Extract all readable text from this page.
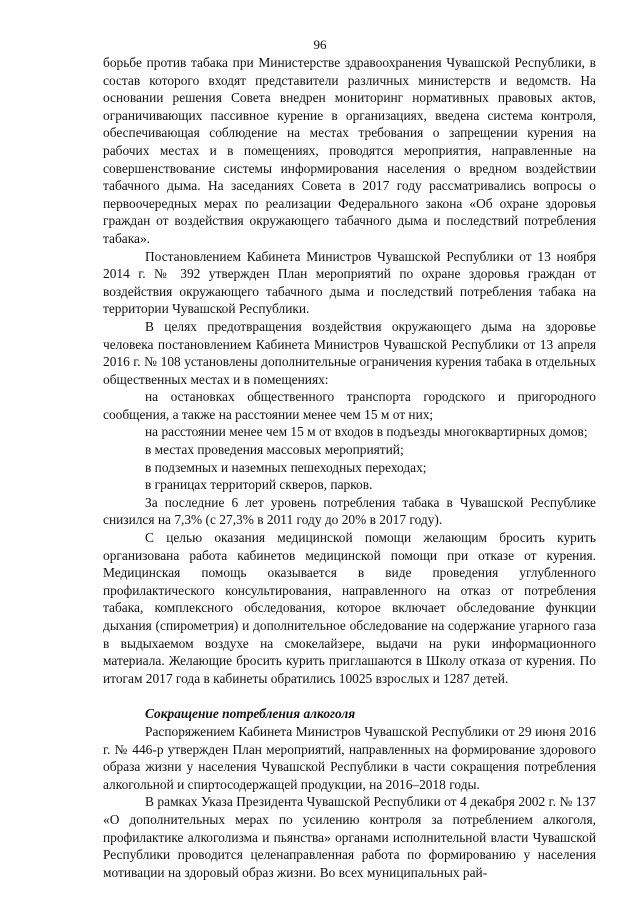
96

борьбе против табака при Министерстве здравоохранения Чувашской Республики, в состав которого входят представители различных министерств и ведомств. На основании решения Совета внедрен мониторинг нормативных правовых актов, ограничивающих пассивное курение в организациях, введена система контроля, обеспечивающая соблюдение на местах требования о запрещении курения на рабочих местах и в помещениях, проводятся мероприятия, направленные на совершенствование системы информирования населения о вредном воздействии табачного дыма. На заседаниях Совета в 2017 году рассматривались вопросы о первоочередных мерах по реализации Федерального закона «Об охране здоровья граждан от воздействия окружающего табачного дыма и последствий потребления табака».

Постановлением Кабинета Министров Чувашской Республики от 13 ноября 2014 г. № 392 утвержден План мероприятий по охране здоровья граждан от воздействия окружающего табачного дыма и последствий потребления табака на территории Чувашской Республики.

В целях предотвращения воздействия окружающего дыма на здоровье человека постановлением Кабинета Министров Чувашской Республики от 13 апреля 2016 г. № 108 установлены дополнительные ограничения курения табака в отдельных общественных местах и в помещениях:

на остановках общественного транспорта городского и пригородного сообщения, а также на расстоянии менее чем 15 м от них;

на расстоянии менее чем 15 м от входов в подъезды многоквартирных домов;

в местах проведения массовых мероприятий;

в подземных и наземных пешеходных переходах;

в границах территорий скверов, парков.

За последние 6 лет уровень потребления табака в Чувашской Республике снизился на 7,3% (с 27,3% в 2011 году до 20% в 2017 году).

С целью оказания медицинской помощи желающим бросить курить организована работа кабинетов медицинской помощи при отказе от курения. Медицинская помощь оказывается в виде проведения углубленного профилактического консультирования, направленного на отказ от потребления табака, комплексного обследования, которое включает обследование функции дыхания (спирометрия) и дополнительное обследование на содержание угарного газа в выдыхаемом воздухе на смокелайзере, выдачи на руки информационного материала. Желающие бросить курить приглашаются в Школу отказа от курения. По итогам 2017 года в кабинеты обратились 10025 взрослых и 1287 детей.

Сокращение потребления алкоголя

Распоряжением Кабинета Министров Чувашской Республики от 29 июня 2016 г. № 446-р утвержден План мероприятий, направленных на формирование здорового образа жизни у населения Чувашской Республики в части сокращения потребления алкогольной и спиртосодержащей продукции, на 2016–2018 годы.

В рамках Указа Президента Чувашской Республики от 4 декабря 2002 г. № 137 «О дополнительных мерах по усилению контроля за потреблением алкоголя, профилактике алкоголизма и пьянства» органами исполнительной власти Чувашской Республики проводится целенаправленная работа по формированию у населения мотивации на здоровый образ жизни. Во всех муниципальных рай-
